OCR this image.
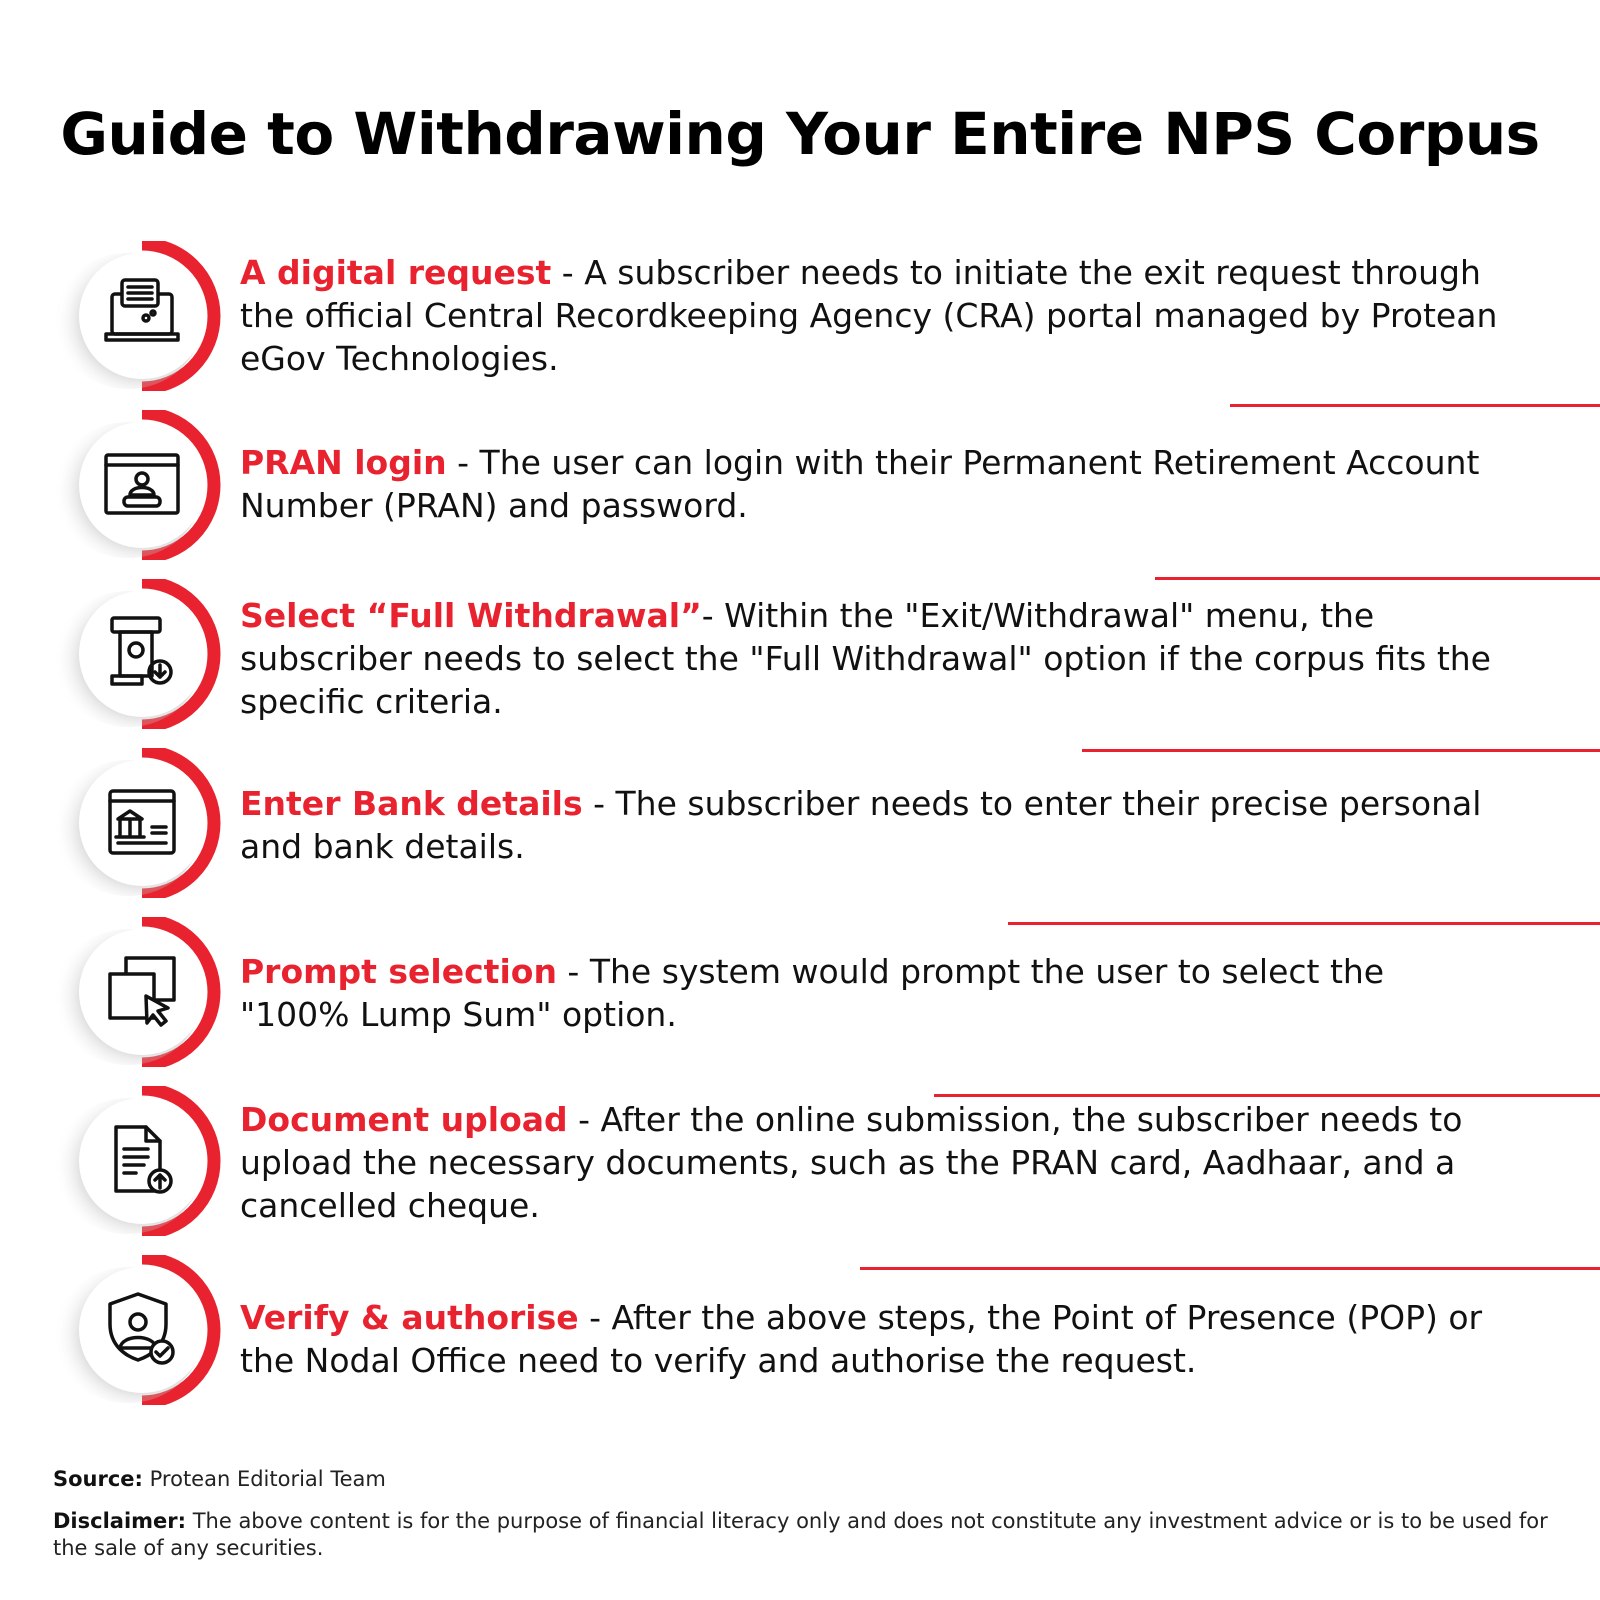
Guide to Withdrawing Your Entire NPS Corpus
A digital request - A subscriber needs to initiate the exit request through the official Central Recordkeeping Agency (CRA) portal managed by Protean eGov Technologies.
PRAN login - The user can login with their Permanent Retirement Account Number (PRAN) and password.
Select “Full Withdrawal”- Within the "Exit/Withdrawal" menu, the subscriber needs to select the "Full Withdrawal" option if the corpus fits the specific criteria.
Enter Bank details - The subscriber needs to enter their precise personal and bank details.
Prompt selection - The system would prompt the user to select the "100% Lump Sum" option.
Document upload - After the online submission, the subscriber needs to upload the necessary documents, such as the PRAN card, Aadhaar, and a cancelled cheque.
Verify & authorise - After the above steps, the Point of Presence (POP) or the Nodal Office need to verify and authorise the request.
Source: Protean Editorial Team
Disclaimer: The above content is for the purpose of financial literacy only and does not constitute any investment advice or is to be used for the sale of any securities.
